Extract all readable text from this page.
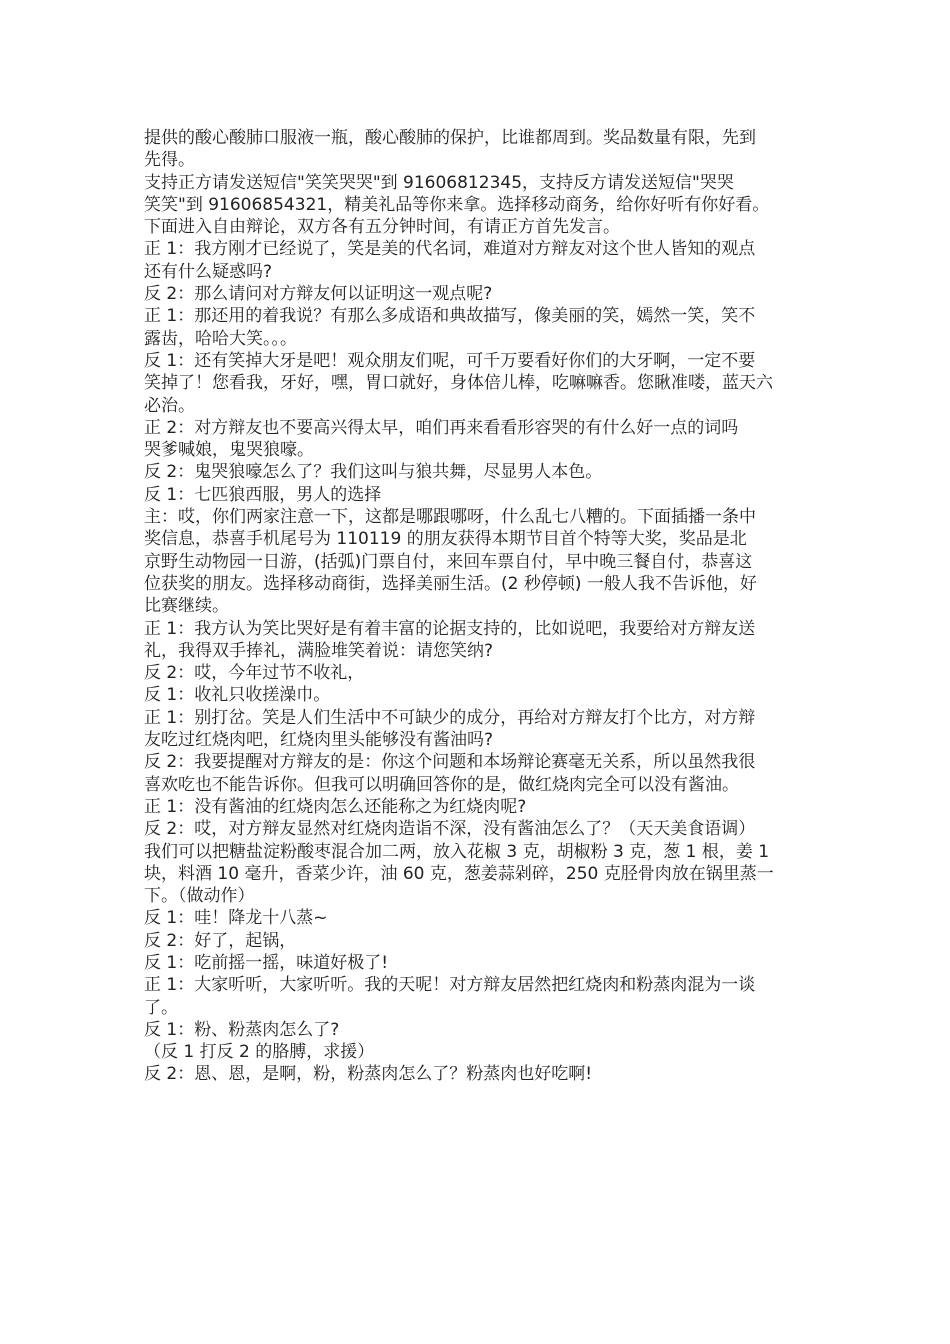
提供的酸心酸肺口服液一瓶，酸心酸肺的保护，比谁都周到。奖品数量有限，先到

先得。

支持正方请发送短信"笑笑哭哭"到 91606812345，支持反方请发送短信"哭哭

笑笑"到 91606854321，精美礼品等你来拿。选择移动商务，给你好听有你好看。

下面进入自由辩论，双方各有五分钟时间，有请正方首先发言。

正 1：我方刚才已经说了，笑是美的代名词，难道对方辩友对这个世人皆知的观点

还有什么疑惑吗?

反 2：那么请问对方辩友何以证明这一观点呢?

正 1：那还用的着我说？有那么多成语和典故描写，像美丽的笑，嫣然一笑，笑不

露齿，哈哈大笑。。。

反 1：还有笑掉大牙是吧！观众朋友们呢，可千万要看好你们的大牙啊，一定不要

笑掉了！您看我，牙好，嘿，胃口就好，身体倍儿棒，吃嘛嘛香。您瞅准喽，蓝天六

必治。

正 2：对方辩友也不要高兴得太早，咱们再来看看形容哭的有什么好一点的词吗

哭爹喊娘，鬼哭狼嚎。

反 2：鬼哭狼嚎怎么了？我们这叫与狼共舞，尽显男人本色。

反 1：七匹狼西服，男人的选择

主：哎，你们两家注意一下，这都是哪跟哪呀，什么乱七八糟的。下面插播一条中

奖信息，恭喜手机尾号为 110119 的朋友获得本期节目首个特等大奖，奖品是北

京野生动物园一日游，(括弧)门票自付，来回车票自付，早中晚三餐自付，恭喜这

位获奖的朋友。选择移动商街，选择美丽生活。(2 秒停顿) 一般人我不告诉他，好

比赛继续。

正 1：我方认为笑比哭好是有着丰富的论据支持的，比如说吧，我要给对方辩友送

礼，我得双手捧礼，满脸堆笑着说：请您笑纳?

反 2：哎，今年过节不收礼，

反 1：收礼只收搓澡巾。

正 1：别打岔。笑是人们生活中不可缺少的成分，再给对方辩友打个比方，对方辩

友吃过红烧肉吧，红烧肉里头能够没有酱油吗?

反 2：我要提醒对方辩友的是：你这个问题和本场辩论赛毫无关系，所以虽然我很

喜欢吃也不能告诉你。但我可以明确回答你的是，做红烧肉完全可以没有酱油。

正 1：没有酱油的红烧肉怎么还能称之为红烧肉呢?

反 2：哎，对方辩友显然对红烧肉造诣不深，没有酱油怎么了？（天天美食语调）

我们可以把糖盐淀粉酸枣混合加二两，放入花椒 3 克，胡椒粉 3 克，葱 1 根，姜 1

块，料酒 10 毫升，香菜少许，油 60 克，葱姜蒜剁碎，250 克胫骨肉放在锅里蒸一

下。（做动作）

反 1：哇！降龙十八蒸~

反 2：好了，起锅，

反 1：吃前摇一摇，味道好极了!

正 1：大家听听，大家听听。我的天呢！对方辩友居然把红烧肉和粉蒸肉混为一谈

了。

反 1：粉、粉蒸肉怎么了?

（反 1 打反 2 的胳膊，求援）

反 2：恩、恩，是啊，粉，粉蒸肉怎么了？粉蒸肉也好吃啊!
